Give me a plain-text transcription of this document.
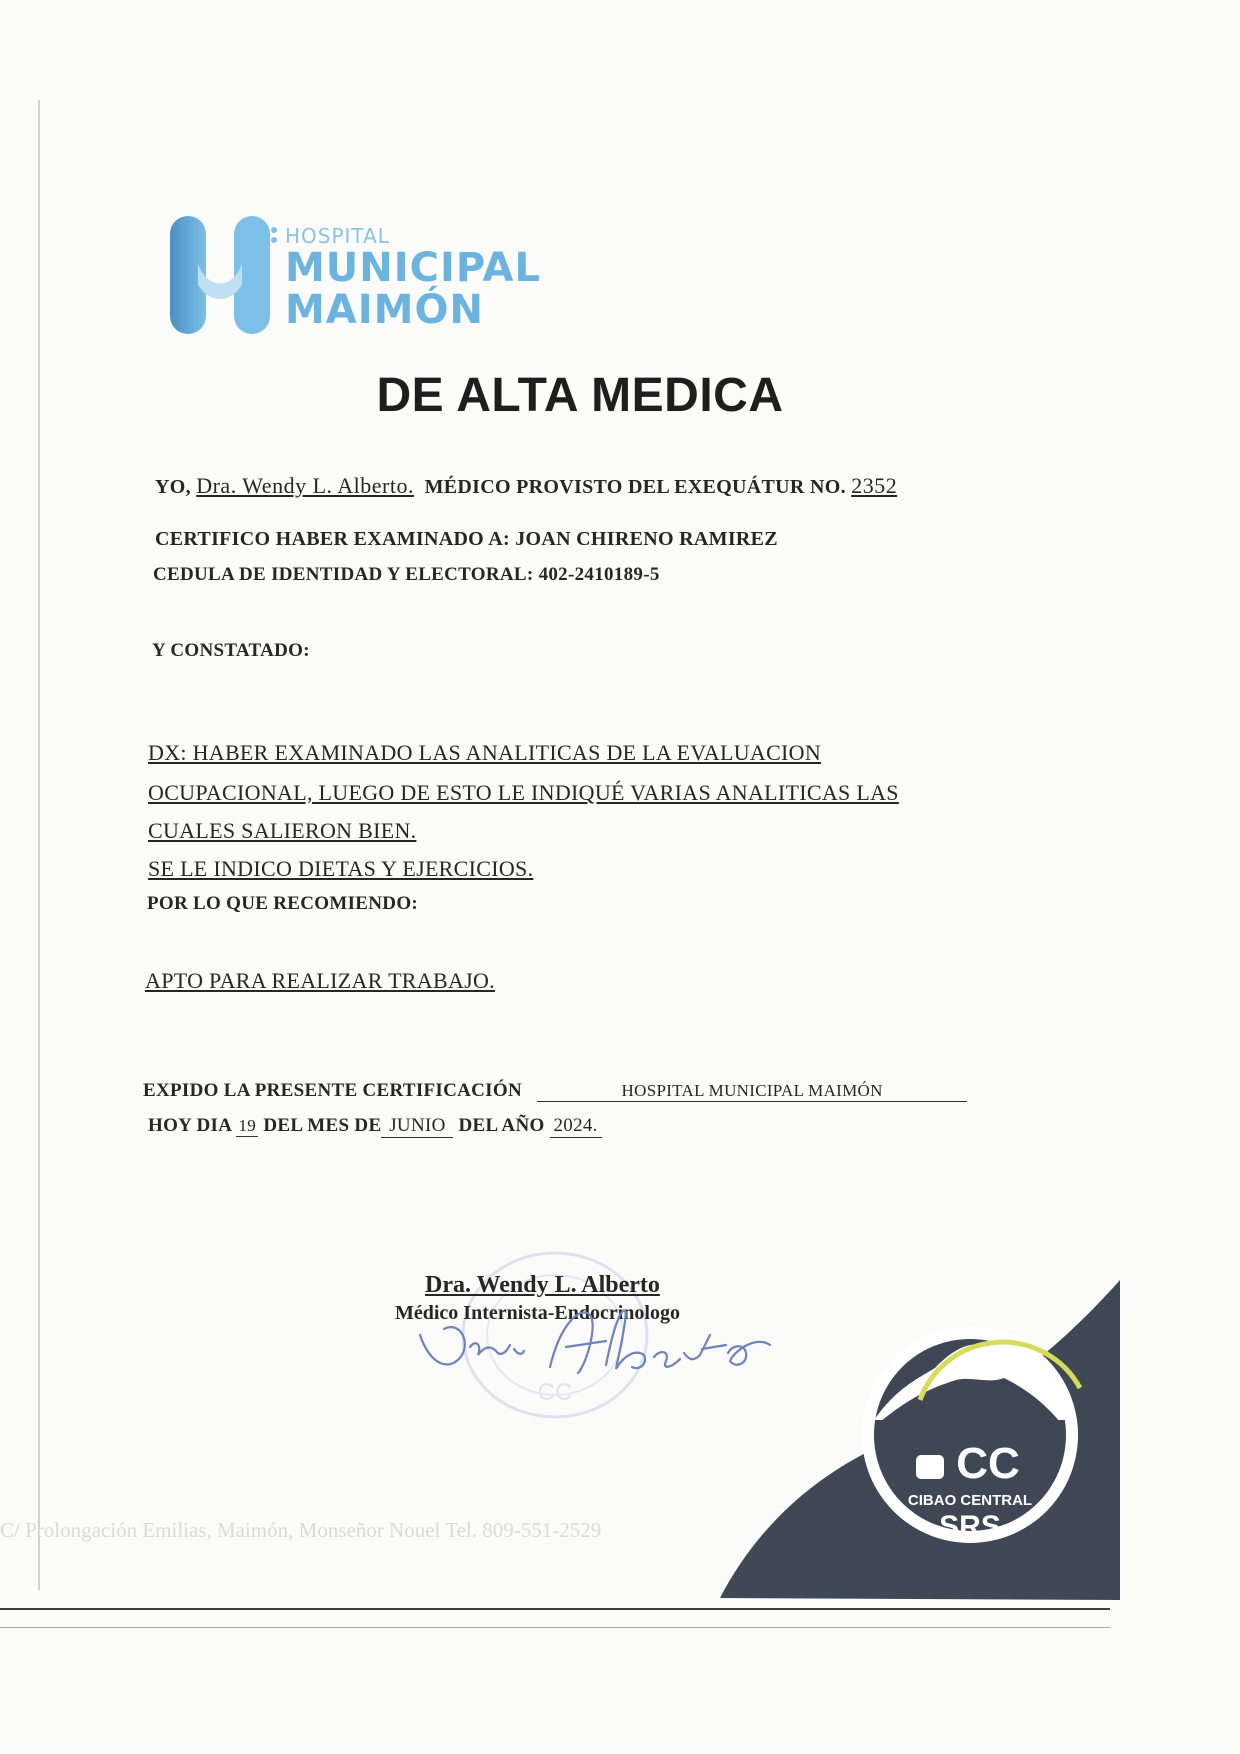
HOSPITAL
MUNICIPAL
MAIMÓN
DE ALTA MEDICA
YO, Dra. Wendy L. Alberto. MÉDICO PROVISTO DEL EXEQUÁTUR NO. 2352
CERTIFICO HABER EXAMINADO A: JOAN CHIRENO RAMIREZ
CEDULA DE IDENTIDAD Y ELECTORAL: 402-2410189-5
Y CONSTATADO:
DX: HABER EXAMINADO LAS ANALITICAS DE LA EVALUACION
OCUPACIONAL, LUEGO DE ESTO LE INDIQUÉ VARIAS ANALITICAS LAS
CUALES SALIERON BIEN.
SE LE INDICO DIETAS Y EJERCICIOS.
POR LO QUE RECOMIENDO:
APTO PARA REALIZAR TRABAJO.
EXPIDO LA PRESENTE CERTIFICACIÓN	HOSPITAL MUNICIPAL MAIMÓN
HOY DIA 19 DEL MES DE JUNIO DEL AÑO 2024.
CC
Dra. Wendy L. Alberto
Médico Internista-Endocrinologo
Dra. Alberto
CC
CIBAO CENTRAL
SRS
C/ Prolongación Emilias, Maimón, Monseñor Nouel Tel. 809-551-2529
